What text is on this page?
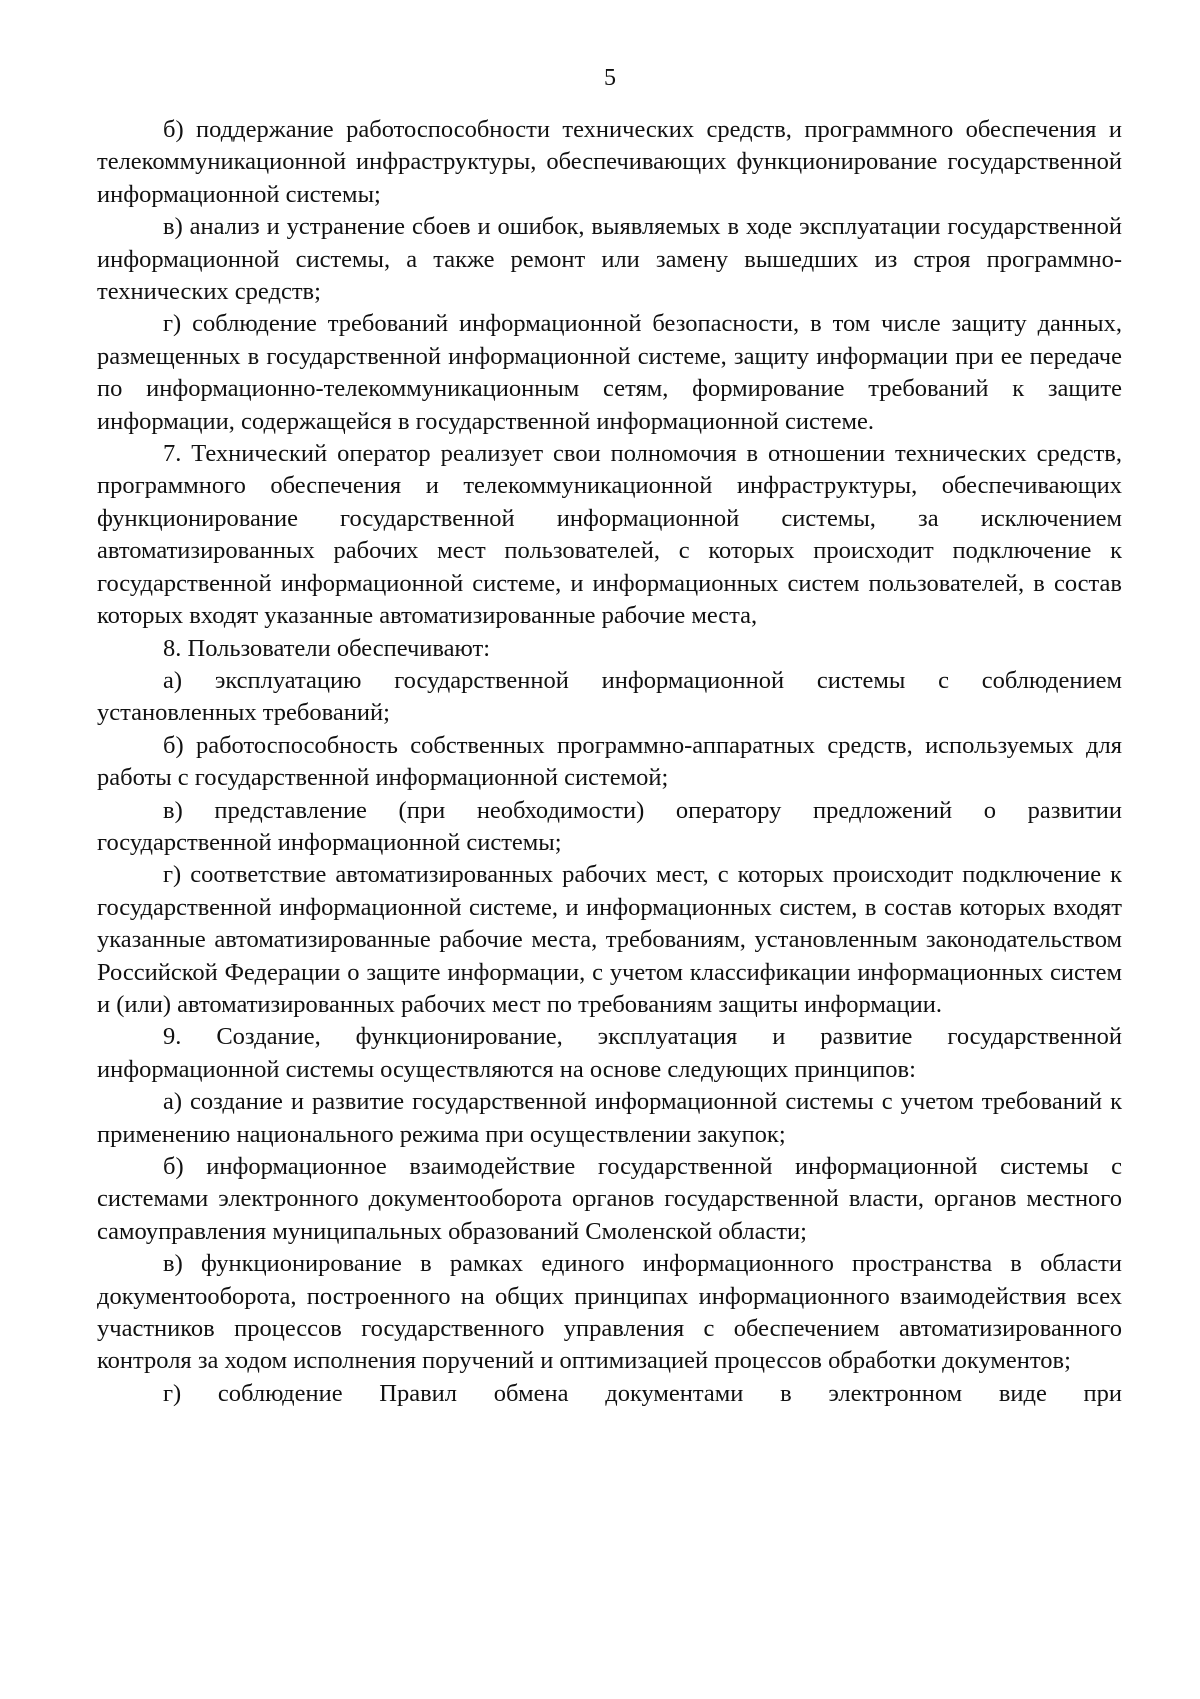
5

б) поддержание работоспособности технических средств, программного обеспечения и телекоммуникационной инфраструктуры, обеспечивающих функционирование государственной информационной системы;

в) анализ и устранение сбоев и ошибок, выявляемых в ходе эксплуатации государственной информационной системы, а также ремонт или замену вышедших из строя программно-технических средств;

г) соблюдение требований информационной безопасности, в том числе защиту данных, размещенных в государственной информационной системе, защиту информации при ее передаче по информационно-телекоммуникационным сетям, формирование требований к защите информации, содержащейся в государственной информационной системе.

7. Технический оператор реализует свои полномочия в отношении технических средств, программного обеспечения и телекоммуникационной инфраструктуры, обеспечивающих функционирование государственной информационной системы, за исключением автоматизированных рабочих мест пользователей, с которых происходит подключение к государственной информационной системе, и информационных систем пользователей, в состав которых входят указанные автоматизированные рабочие места,

8. Пользователи обеспечивают:

а) эксплуатацию государственной информационной системы с соблюдением установленных требований;

б) работоспособность собственных программно-аппаратных средств, используемых для работы с государственной информационной системой;

в) представление (при необходимости) оператору предложений о развитии государственной информационной системы;

г) соответствие автоматизированных рабочих мест, с которых происходит подключение к государственной информационной системе, и информационных систем, в состав которых входят указанные автоматизированные рабочие места, требованиям, установленным законодательством Российской Федерации о защите информации, с учетом классификации информационных систем и (или) автоматизированных рабочих мест по требованиям защиты информации.

9. Создание, функционирование, эксплуатация и развитие государственной информационной системы осуществляются на основе следующих принципов:

а) создание и развитие государственной информационной системы с учетом требований к применению национального режима при осуществлении закупок;

б) информационное взаимодействие государственной информационной системы с системами электронного документооборота органов государственной власти, органов местного самоуправления муниципальных образований Смоленской области;

в) функционирование в рамках единого информационного пространства в области документооборота, построенного на общих принципах информационного взаимодействия всех участников процессов государственного управления с обеспечением автоматизированного контроля за ходом исполнения поручений и оптимизацией процессов обработки документов;

г) соблюдение Правил обмена документами в электронном виде при
